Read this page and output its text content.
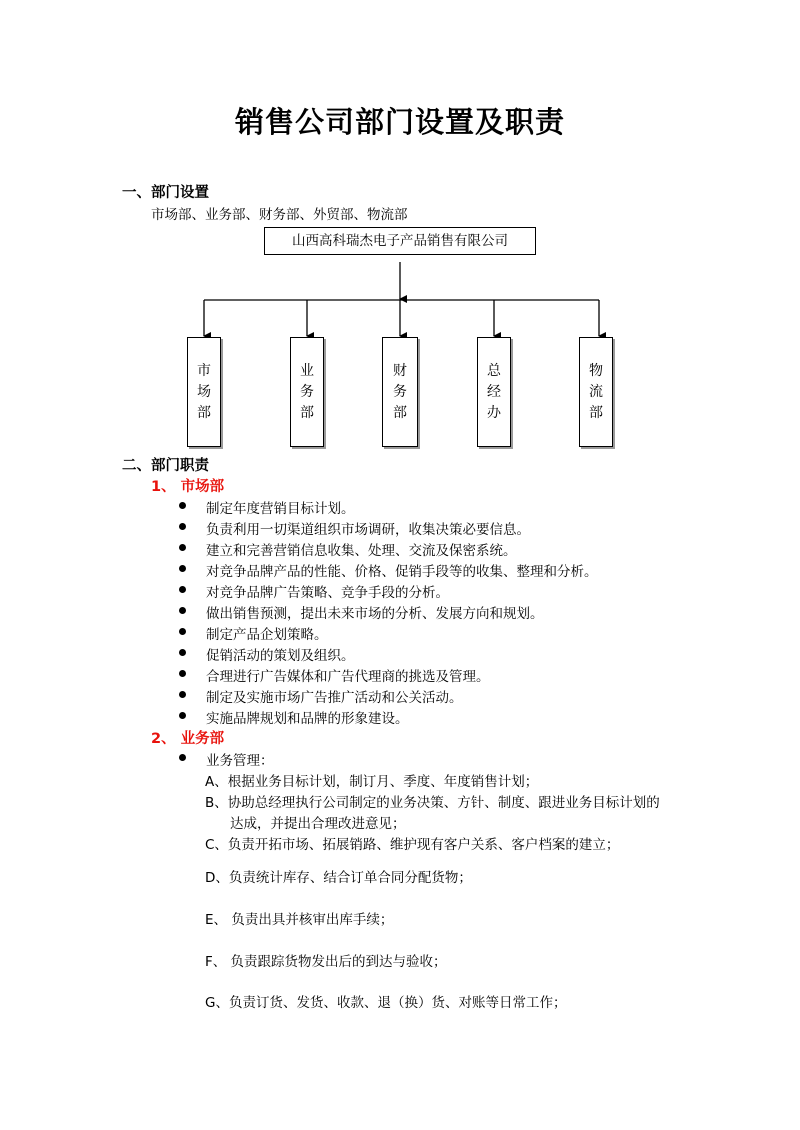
销售公司部门设置及职责
一、部门设置
市场部、业务部、财务部、外贸部、物流部
山西高科瑞杰电子产品销售有限公司
市场部
业务部
财务部
总经办
物流部
二、部门职责
1、 市场部
制定年度营销目标计划。
负责利用一切渠道组织市场调研，收集决策必要信息。
建立和完善营销信息收集、处理、交流及保密系统。
对竞争品牌产品的性能、价格、促销手段等的收集、整理和分析。
对竞争品牌广告策略、竞争手段的分析。
做出销售预测，提出未来市场的分析、发展方向和规划。
制定产品企划策略。
促销活动的策划及组织。
合理进行广告媒体和广告代理商的挑选及管理。
制定及实施市场广告推广活动和公关活动。
实施品牌规划和品牌的形象建设。
2、 业务部
业务管理：
A、根据业务目标计划，制订月、季度、年度销售计划；
B、协助总经理执行公司制定的业务决策、方针、制度、跟进业务目标计划的
达成，并提出合理改进意见；
C、负责开拓市场、拓展销路、维护现有客户关系、客户档案的建立；
D、负责统计库存、结合订单合同分配货物；
E、 负责出具并核审出库手续；
F、 负责跟踪货物发出后的到达与验收；
G、负责订货、发货、收款、退（换）货、对账等日常工作；
